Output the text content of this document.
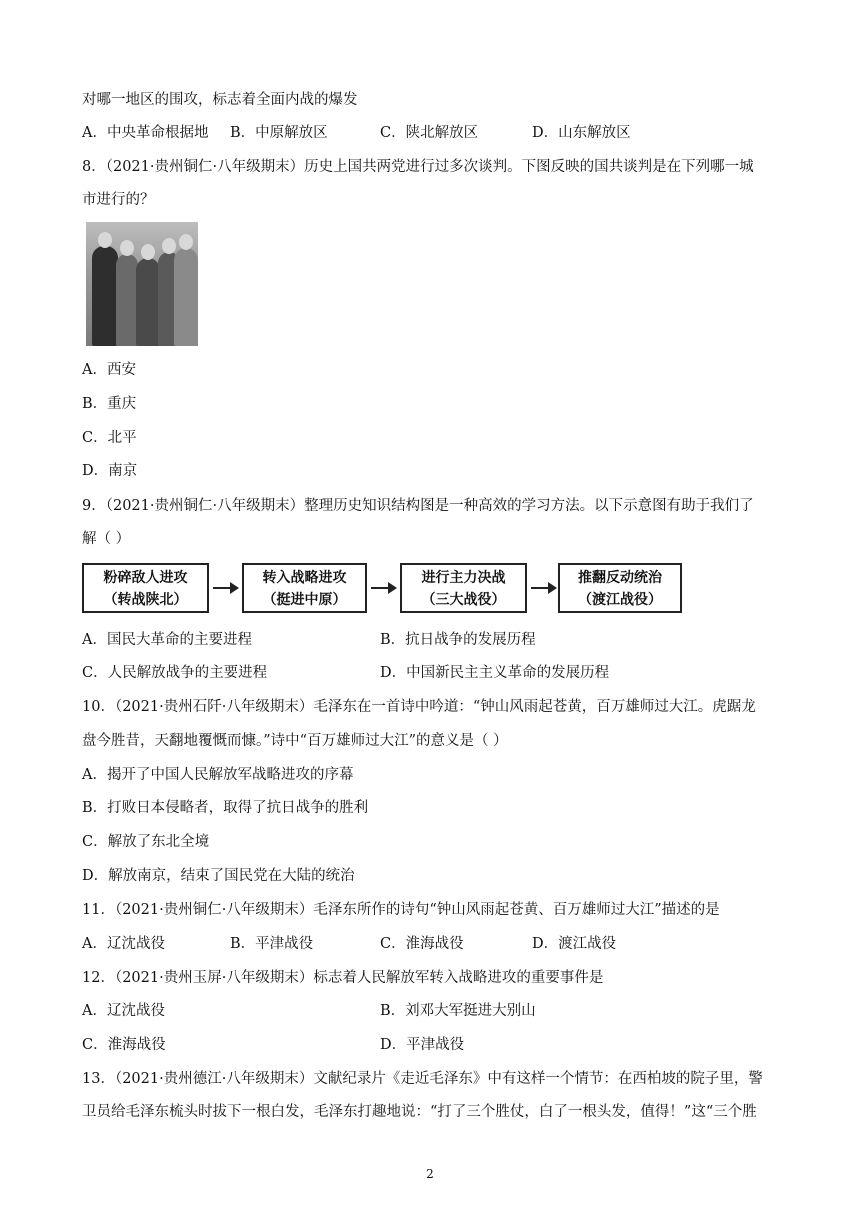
对哪一地区的围攻，标志着全面内战的爆发
A．中央革命根据地 B．中原解放区	C．陕北解放区	D．山东解放区
8．（2021·贵州铜仁·八年级期末）历史上国共两党进行过多次谈判。下图反映的国共谈判是在下列哪一城
市进行的？
A．西安
B．重庆
C．北平
D．南京
9．（2021·贵州铜仁·八年级期末）整理历史知识结构图是一种高效的学习方法。以下示意图有助于我们了
解（ ）
粉碎敌人进攻
（转战陕北）
转入战略进攻
（挺进中原）
进行主力决战
（三大战役）
推翻反动统治
（渡江战役）
A．国民大革命的主要进程	B．抗日战争的发展历程
C．人民解放战争的主要进程	D．中国新民主主义革命的发展历程
10．（2021·贵州石阡·八年级期末）毛泽东在一首诗中吟道：“钟山风雨起苍黄，百万雄师过大江。虎踞龙
盘今胜昔，天翻地覆慨而慷。”诗中“百万雄师过大江”的意义是（ ）
A．揭开了中国人民解放军战略进攻的序幕
B．打败日本侵略者，取得了抗日战争的胜利
C．解放了东北全境
D．解放南京，结束了国民党在大陆的统治
11．（2021·贵州铜仁·八年级期末）毛泽东所作的诗句“钟山风雨起苍黄、百万雄师过大江”描述的是
A．辽沈战役	B．平津战役	C．淮海战役	D．渡江战役
12．（2021·贵州玉屏·八年级期末）标志着人民解放军转入战略进攻的重要事件是
A．辽沈战役	B．刘邓大军挺进大别山
C．淮海战役	D．平津战役
13．（2021·贵州德江·八年级期末）文献纪录片《走近毛泽东》中有这样一个情节：在西柏坡的院子里，警
卫员给毛泽东梳头时拔下一根白发，毛泽东打趣地说：“打了三个胜仗，白了一根头发，值得！”这“三个胜
2
